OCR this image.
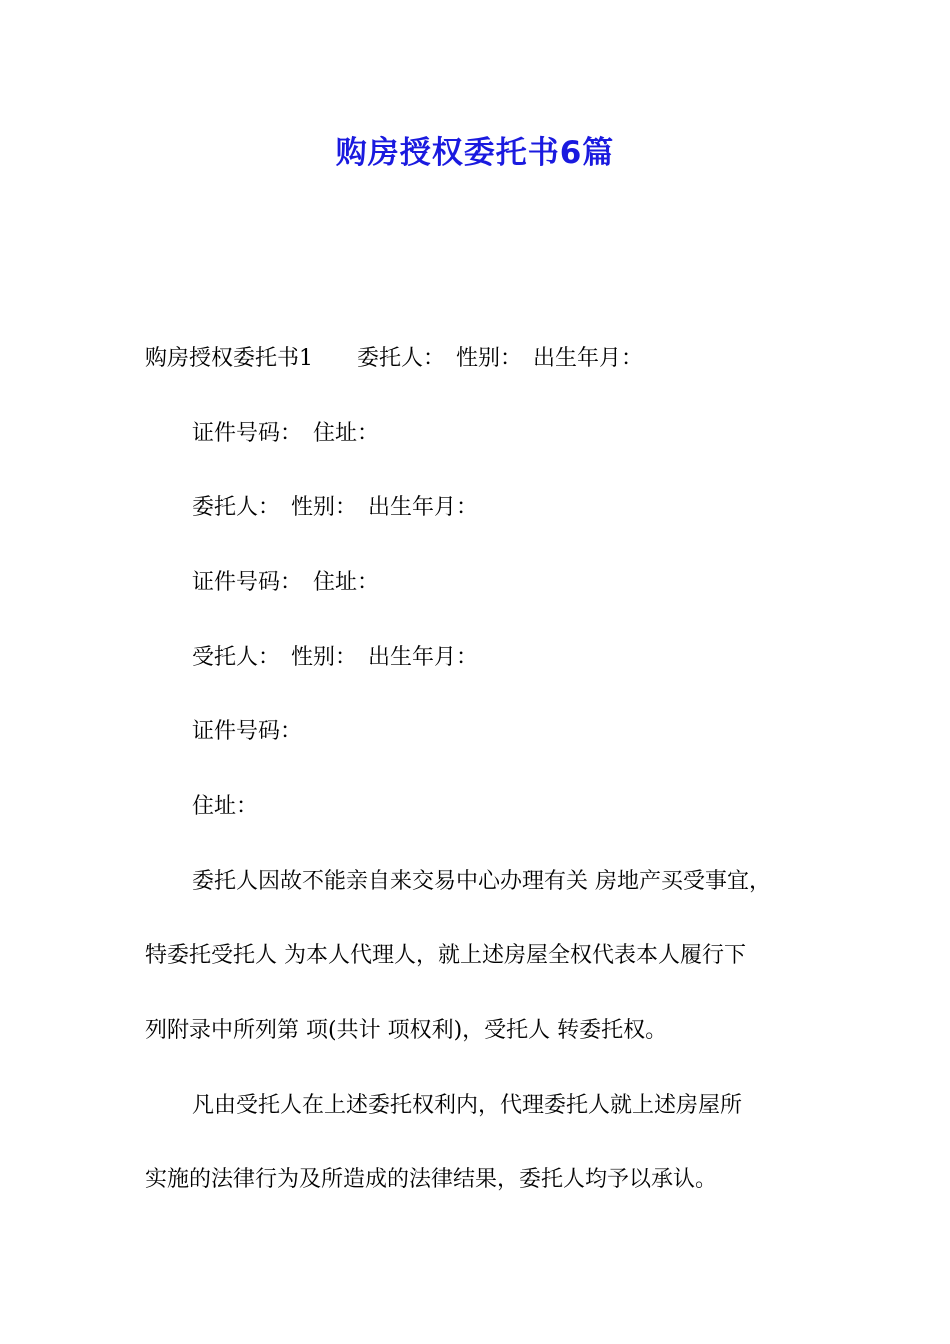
购房授权委托书6篇

购房授权委托书1　　委托人：　性别：　出生年月：

证件号码：　住址：

委托人：　性别：　出生年月：

证件号码：　住址：

受托人：　性别：　出生年月：

证件号码：

住址：

委托人因故不能亲自来交易中心办理有关 房地产买受事宜，

特委托受托人 为本人代理人，就上述房屋全权代表本人履行下

列附录中所列第 项(共计 项权利)，受托人 转委托权。

凡由受托人在上述委托权利内，代理委托人就上述房屋所

实施的法律行为及所造成的法律结果，委托人均予以承认。
